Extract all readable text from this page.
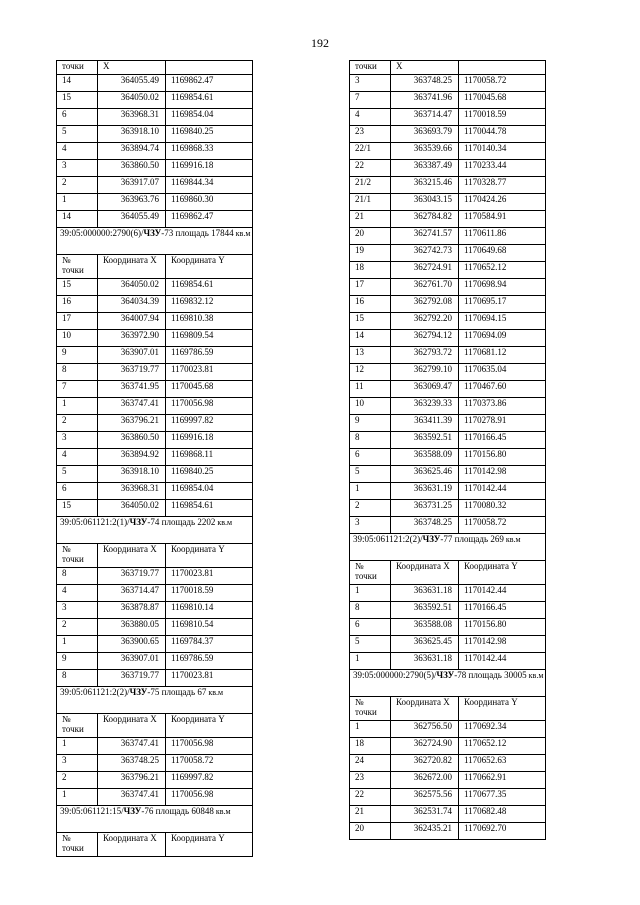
192
точки	X	
14	364055.49	1169862.47
15	364050.02	1169854.61
6	363968.31	1169854.04
5	363918.10	1169840.25
4	363894.74	1169868.33
3	363860.50	1169916.18
2	363917.07	1169844.34
1	363963.76	1169860.30
14	364055.49	1169862.47
39:05:000000:2790(6)/ЧЗУ-73 площадь 17844 кв.м		
№
точки	Координата X	Координата Y
15	364050.02	1169854.61
16	364034.39	1169832.12
17	364007.94	1169810.38
10	363972.90	1169809.54
9	363907.01	1169786.59
8	363719.77	1170023.81
7	363741.95	1170045.68
1	363747.41	1170056.98
2	363796.21	1169997.82
3	363860.50	1169916.18
4	363894.92	1169868.11
5	363918.10	1169840.25
6	363968.31	1169854.04
15	364050.02	1169854.61
39:05:061121:2(1)/ЧЗУ-74 площадь 2202 кв.м		
№
точки	Координата X	Координата Y
8	363719.77	1170023.81
4	363714.47	1170018.59
3	363878.87	1169810.14
2	363880.05	1169810.54
1	363900.65	1169784.37
9	363907.01	1169786.59
8	363719.77	1170023.81
39:05:061121:2(2)/ЧЗУ-75 площадь 67 кв.м		
№
точки	Координата X	Координата Y
1	363747.41	1170056.98
3	363748.25	1170058.72
2	363796.21	1169997.82
1	363747.41	1170056.98
39:05:061121:15/ЧЗУ-76 площадь 60848 кв.м		
№
точки	Координата X	Координата Y
точки	X	
3	363748.25	1170058.72
7	363741.96	1170045.68
4	363714.47	1170018.59
23	363693.79	1170044.78
22/1	363539.66	1170140.34
22	363387.49	1170233.44
21/2	363215.46	1170328.77
21/1	363043.15	1170424.26
21	362784.82	1170584.91
20	362741.57	1170611.86
19	362742.73	1170649.68
18	362724.91	1170652.12
17	362761.70	1170698.94
16	362792.08	1170695.17
15	362792.20	1170694.15
14	362794.12	1170694.09
13	362793.72	1170681.12
12	362799.10	1170635.04
11	363069.47	1170467.60
10	363239.33	1170373.86
9	363411.39	1170278.91
8	363592.51	1170166.45
6	363588.09	1170156.80
5	363625.46	1170142.98
1	363631.19	1170142.44
2	363731.25	1170080.32
3	363748.25	1170058.72
39:05:061121:2(2)/ЧЗУ-77 площадь 269 кв.м		
№
точки	Координата X	Координата Y
1	363631.18	1170142.44
8	363592.51	1170166.45
6	363588.08	1170156.80
5	363625.45	1170142.98
1	363631.18	1170142.44
39:05:000000:2790(5)/ЧЗУ-78 площадь 30005 кв.м		
№
точки	Координата X	Координата Y
1	362756.50	1170692.34
18	362724.90	1170652.12
24	362720.82	1170652.63
23	362672.00	1170662.91
22	362575.56	1170677.35
21	362531.74	1170682.48
20	362435.21	1170692.70
